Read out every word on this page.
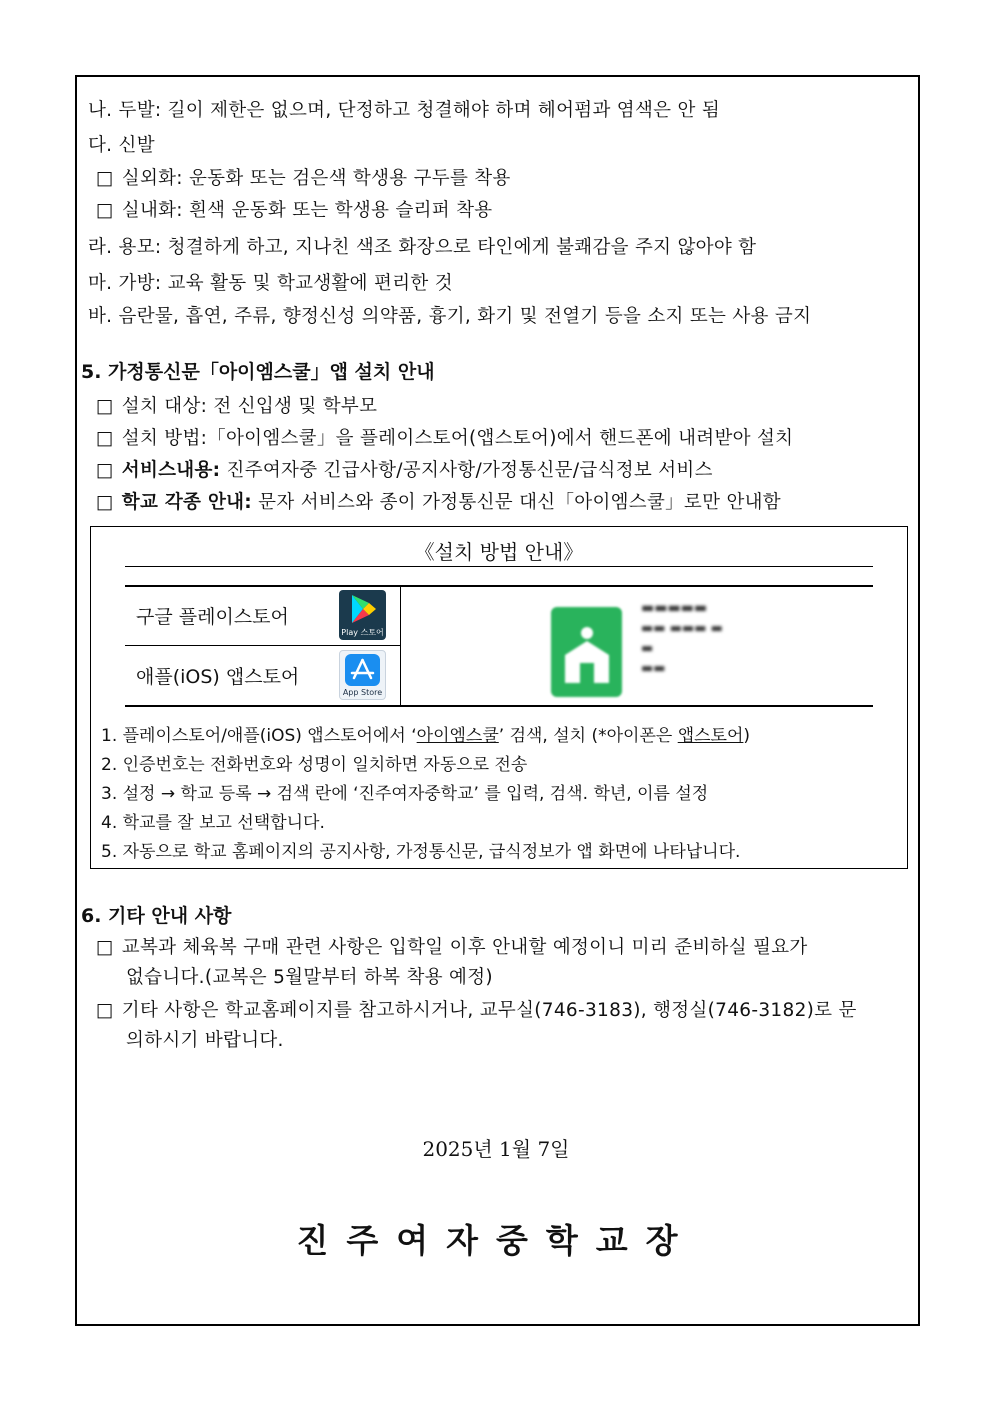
나. 두발: 길이 제한은 없으며, 단정하고 청결해야 하며 헤어펌과 염색은 안 됨
다. 신발
□ 실외화: 운동화 또는 검은색 학생용 구두를 착용
□ 실내화: 흰색 운동화 또는 학생용 슬리퍼 착용
라. 용모: 청결하게 하고, 지나친 색조 화장으로 타인에게 불쾌감을 주지 않아야 함
마. 가방: 교육 활동 및 학교생활에 편리한 것
바. 음란물, 흡연, 주류, 향정신성 의약품, 흉기, 화기 및 전열기 등을 소지 또는 사용 금지
5. 가정통신문「아이엠스쿨」앱 설치 안내
□ 설치 대상: 전 신입생 및 학부모
□ 설치 방법:「아이엠스쿨」을 플레이스토어(앱스토어)에서 핸드폰에 내려받아 설치
□ 서비스내용: 진주여자중 긴급사항/공지사항/가정통신문/급식정보 서비스
□ 학교 각종 안내: 문자 서비스와 종이 가정통신문 대신「아이엠스쿨」로만 안내함
《설치 방법 안내》
구글 플레이스토어
Play 스토어
애플(iOS) 앱스토어
App Store
▬▬▬▬▬
▬▬ ▬▬▬ ▬
▬
▬▬
1. 플레이스토어/애플(iOS) 앱스토어에서 ‘아이엠스쿨’ 검색, 설치 (*아이폰은 앱스토어)
2. 인증번호는 전화번호와 성명이 일치하면 자동으로 전송
3. 설정 → 학교 등록 → 검색 란에 ‘진주여자중학교’ 를 입력, 검색. 학년, 이름 설정
4. 학교를 잘 보고 선택합니다.
5. 자동으로 학교 홈페이지의 공지사항, 가정통신문, 급식정보가 앱 화면에 나타납니다.
6. 기타 안내 사항
□ 교복과 체육복 구매 관련 사항은 입학일 이후 안내할 예정이니 미리 준비하실 필요가
없습니다.(교복은 5월말부터 하복 착용 예정)
□ 기타 사항은 학교홈페이지를 참고하시거나, 교무실(746-3183), 행정실(746-3182)로 문
의하시기 바랍니다.
2025년 1월 7일
진주여자중학교장
